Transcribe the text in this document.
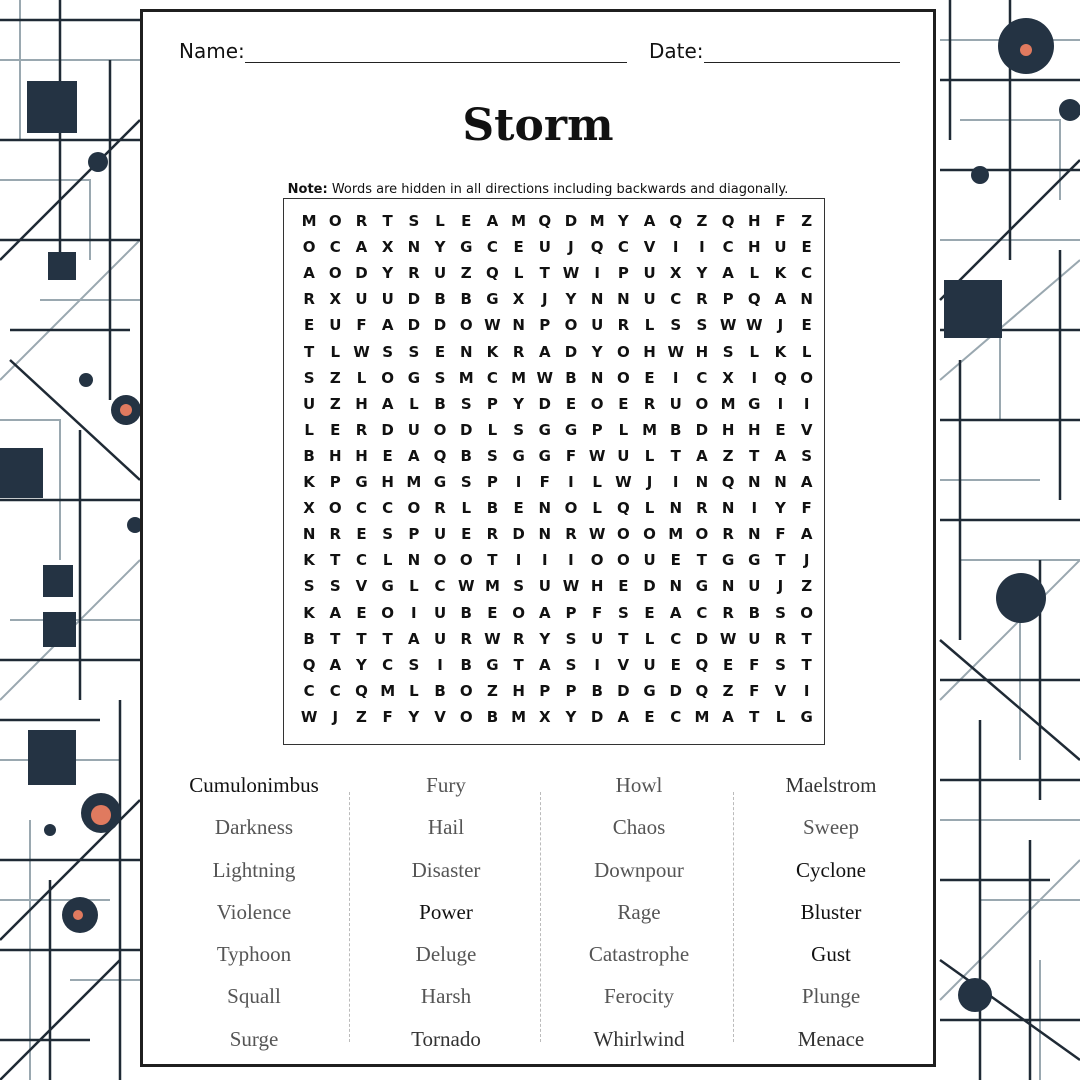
Name:	Date:
Storm
Note: Words are hidden in all directions including backwards and diagonally.
M O R	T	S	L	E	A M Q D M Y A Q Z Q H F	Z
O C A X N Y G C	E U	J	Q C V	I	I	C H U E
A O D Y R U Z Q	L	T W	I	P U X Y A	L	K C
R X U U D B B G X	J	Y N N U C R P Q A N
E U F	A D D O W N P O U R	L	S	S W W	J	E
T	L W S	S	E N K R A D Y O H W H S	L	K	L
S	Z	L	O G S M C M W B N O E	I	C X	I	Q O
U Z H A	L	B	S	P	Y D E O E	R U O M G	I	I
L	E	R D U O D	L	S G G P	L M B D H H E	V
B H H E	A Q B	S G G F W U	L	T	A Z	T	A S
K P G H M G S	P	I	F	I	L W	J	I	N Q N N A
X O C	C O R	L	B	E N O	L	Q	L	N R N	I	Y	F
N R	E	S	P U E	R D N R W O O M O R N F	A
K	T	C	L	N O O T	I	I	I	O O U E	T G G T	J
S	S V G	L	C W M S U W H E D N G N U	J	Z
K A	E O	I	U B	E O A P	F	S	E	A C R B	S O
B	T	T	T	A U R W R Y	S U T	L	C D W U R	T
Q A Y	C	S	I	B G T	A S	I	V U E Q E	F	S	T
C	C Q M L	B O Z H P	P B D G D Q Z	F	V	I
W	J	Z	F	Y V O B M X Y D A	E	C M A	T	L	G
Cumulonimbus
Darkness
Lightning
Violence
Typhoon
Squall
Surge
Fury
Hail
Disaster
Power
Deluge
Harsh
Tornado
Howl
Chaos
Downpour
Rage
Catastrophe
Ferocity
Whirlwind
Maelstrom
Sweep
Cyclone
Bluster
Gust
Plunge
Menace
